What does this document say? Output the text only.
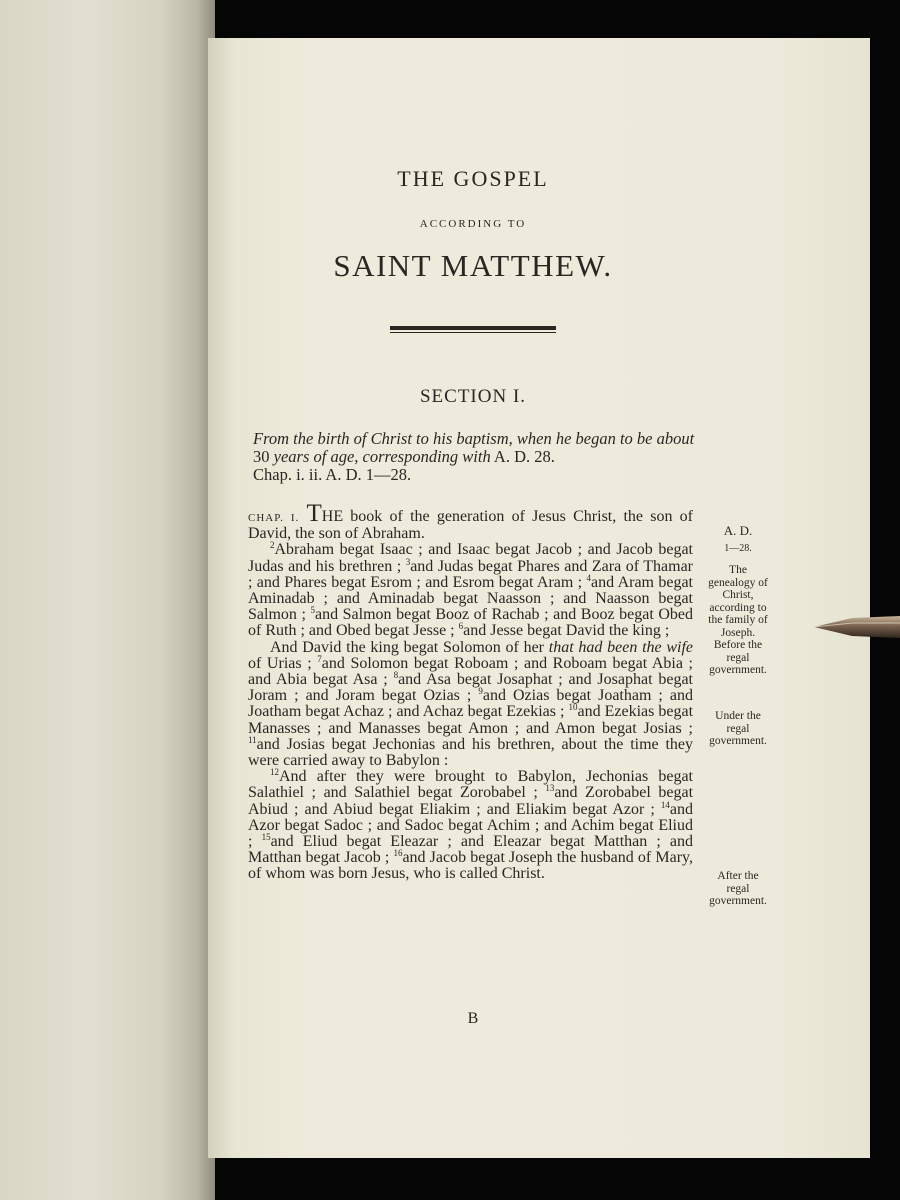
THE GOSPEL
ACCORDING TO
SAINT MATTHEW.
SECTION I.
From the birth of Christ to his baptism, when he began to be about 30 years of age, corresponding with A. D. 28.
Chap. i. ii. A. D. 1—28.

CHAP. I. THE book of the generation of Jesus Christ, the son of David, the son of Abraham.

$^2$Abraham begat Isaac ; and Isaac begat Jacob ; and Jacob begat Judas and his brethren ; $^3$and Judas begat Phares and Zara of Thamar ; and Phares begat Esrom ; and Esrom begat Aram ; $^4$and Aram begat Aminadab ; and Aminadab begat Naasson ; and Naasson begat Salmon ; $^5$and Salmon begat Booz of Rachab ; and Booz begat Obed of Ruth ; and Obed begat Jesse ; $^6$and Jesse begat David the king ;

And David the king begat Solomon of her that had been the wife of Urias ; $^7$and Solomon begat Roboam ; and Roboam begat Abia ; and Abia begat Asa ; $^8$and Asa begat Josaphat ; and Josaphat begat Joram ; and Joram begat Ozias ; $^9$and Ozias begat Joatham ; and Joatham begat Achaz ; and Achaz begat Ezekias ; $^{10}$and Ezekias begat Manasses ; and Manasses begat Amon ; and Amon begat Josias ; $^{11}$and Josias begat Jechonias and his brethren, about the time they were carried away to Babylon :

$^{12}$And after they were brought to Babylon, Jechonias begat Salathiel ; and Salathiel begat Zorobabel ; $^{13}$and Zorobabel begat Abiud ; and Abiud begat Eliakim ; and Eliakim begat Azor ; $^{14}$and Azor begat Sadoc ; and Sadoc begat Achim ; and Achim begat Eliud ; $^{15}$and Eliud begat Eleazar ; and Eleazar begat Matthan ; and Matthan begat Jacob ; $^{16}$and Jacob begat Joseph the husband of Mary, of whom was born Jesus, who is called Christ.

B
A. D.
1—28.
The genealogy of Christ, according to the family of Joseph. Before the regal government.
Under the regal government.
After the regal government.
